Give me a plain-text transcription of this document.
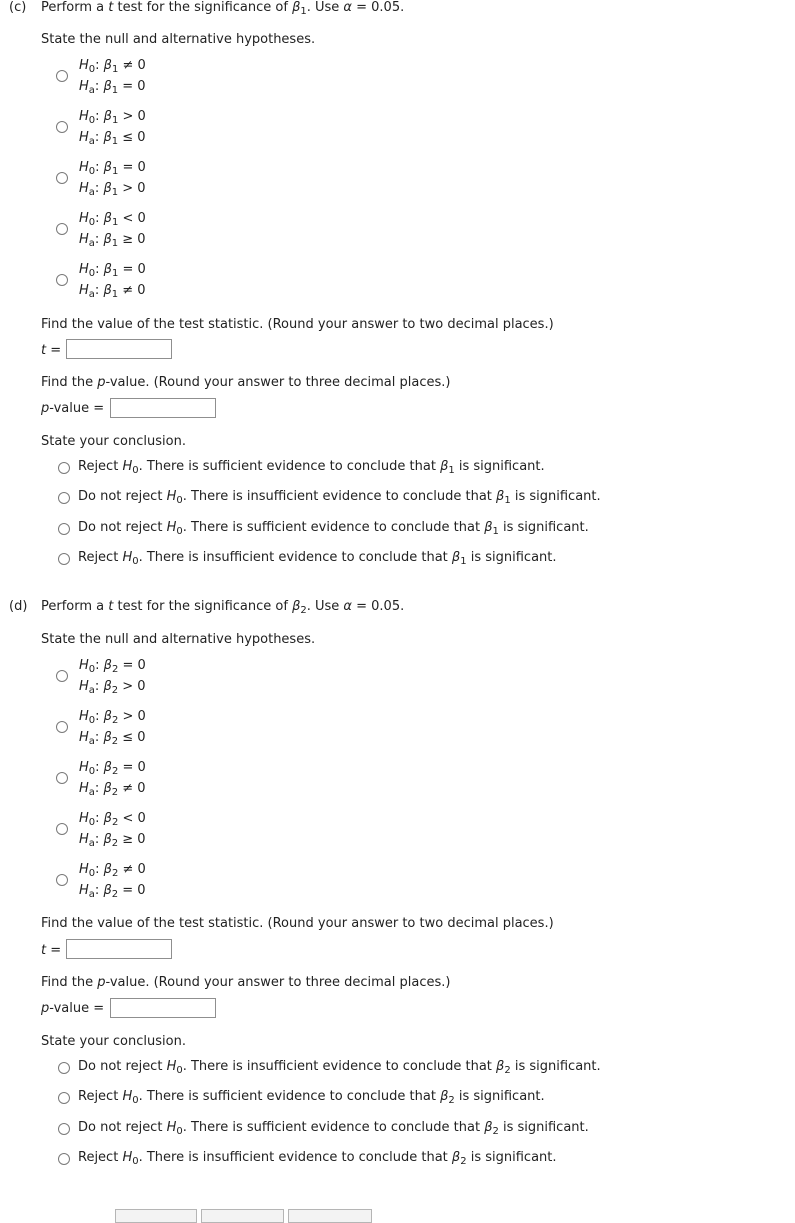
(c) Perform a t test for the significance of $\beta_1$. Use α = 0.05.
State the null and alternative hypotheses.
$H_0$: $\beta_1 \ne 0$
$H_a$: $\beta_1 = 0$
$H_0$: $\beta_1 > 0$
$H_a$: $\beta_1 \le 0$
$H_0$: $\beta_1 = 0$
$H_a$: $\beta_1 > 0$
$H_0$: $\beta_1 < 0$
$H_a$: $\beta_1 \ge 0$
$H_0$: $\beta_1 = 0$
$H_a$: $\beta_1 \ne 0$
Find the value of the test statistic. (Round your answer to two decimal places.)
t =
Find the p-value. (Round your answer to three decimal places.)
p-value =
State your conclusion.
Reject $H_0$. There is sufficient evidence to conclude that $\beta_1$ is significant.
Do not reject $H_0$. There is insufficient evidence to conclude that $\beta_1$ is significant.
Do not reject $H_0$. There is sufficient evidence to conclude that $\beta_1$ is significant.
Reject $H_0$. There is insufficient evidence to conclude that $\beta_1$ is significant.
(d) Perform a t test for the significance of $\beta_2$. Use α = 0.05.
State the null and alternative hypotheses.
$H_0$: $\beta_2 = 0$
$H_a$: $\beta_2 > 0$
$H_0$: $\beta_2 > 0$
$H_a$: $\beta_2 \le 0$
$H_0$: $\beta_2 = 0$
$H_a$: $\beta_2 \ne 0$
$H_0$: $\beta_2 < 0$
$H_a$: $\beta_2 \ge 0$
$H_0$: $\beta_2 \ne 0$
$H_a$: $\beta_2 = 0$
Find the value of the test statistic. (Round your answer to two decimal places.)
t =
Find the p-value. (Round your answer to three decimal places.)
p-value =
State your conclusion.
Do not reject $H_0$. There is insufficient evidence to conclude that $\beta_2$ is significant.
Reject $H_0$. There is sufficient evidence to conclude that $\beta_2$ is significant.
Do not reject $H_0$. There is sufficient evidence to conclude that $\beta_2$ is significant.
Reject $H_0$. There is insufficient evidence to conclude that $\beta_2$ is significant.
